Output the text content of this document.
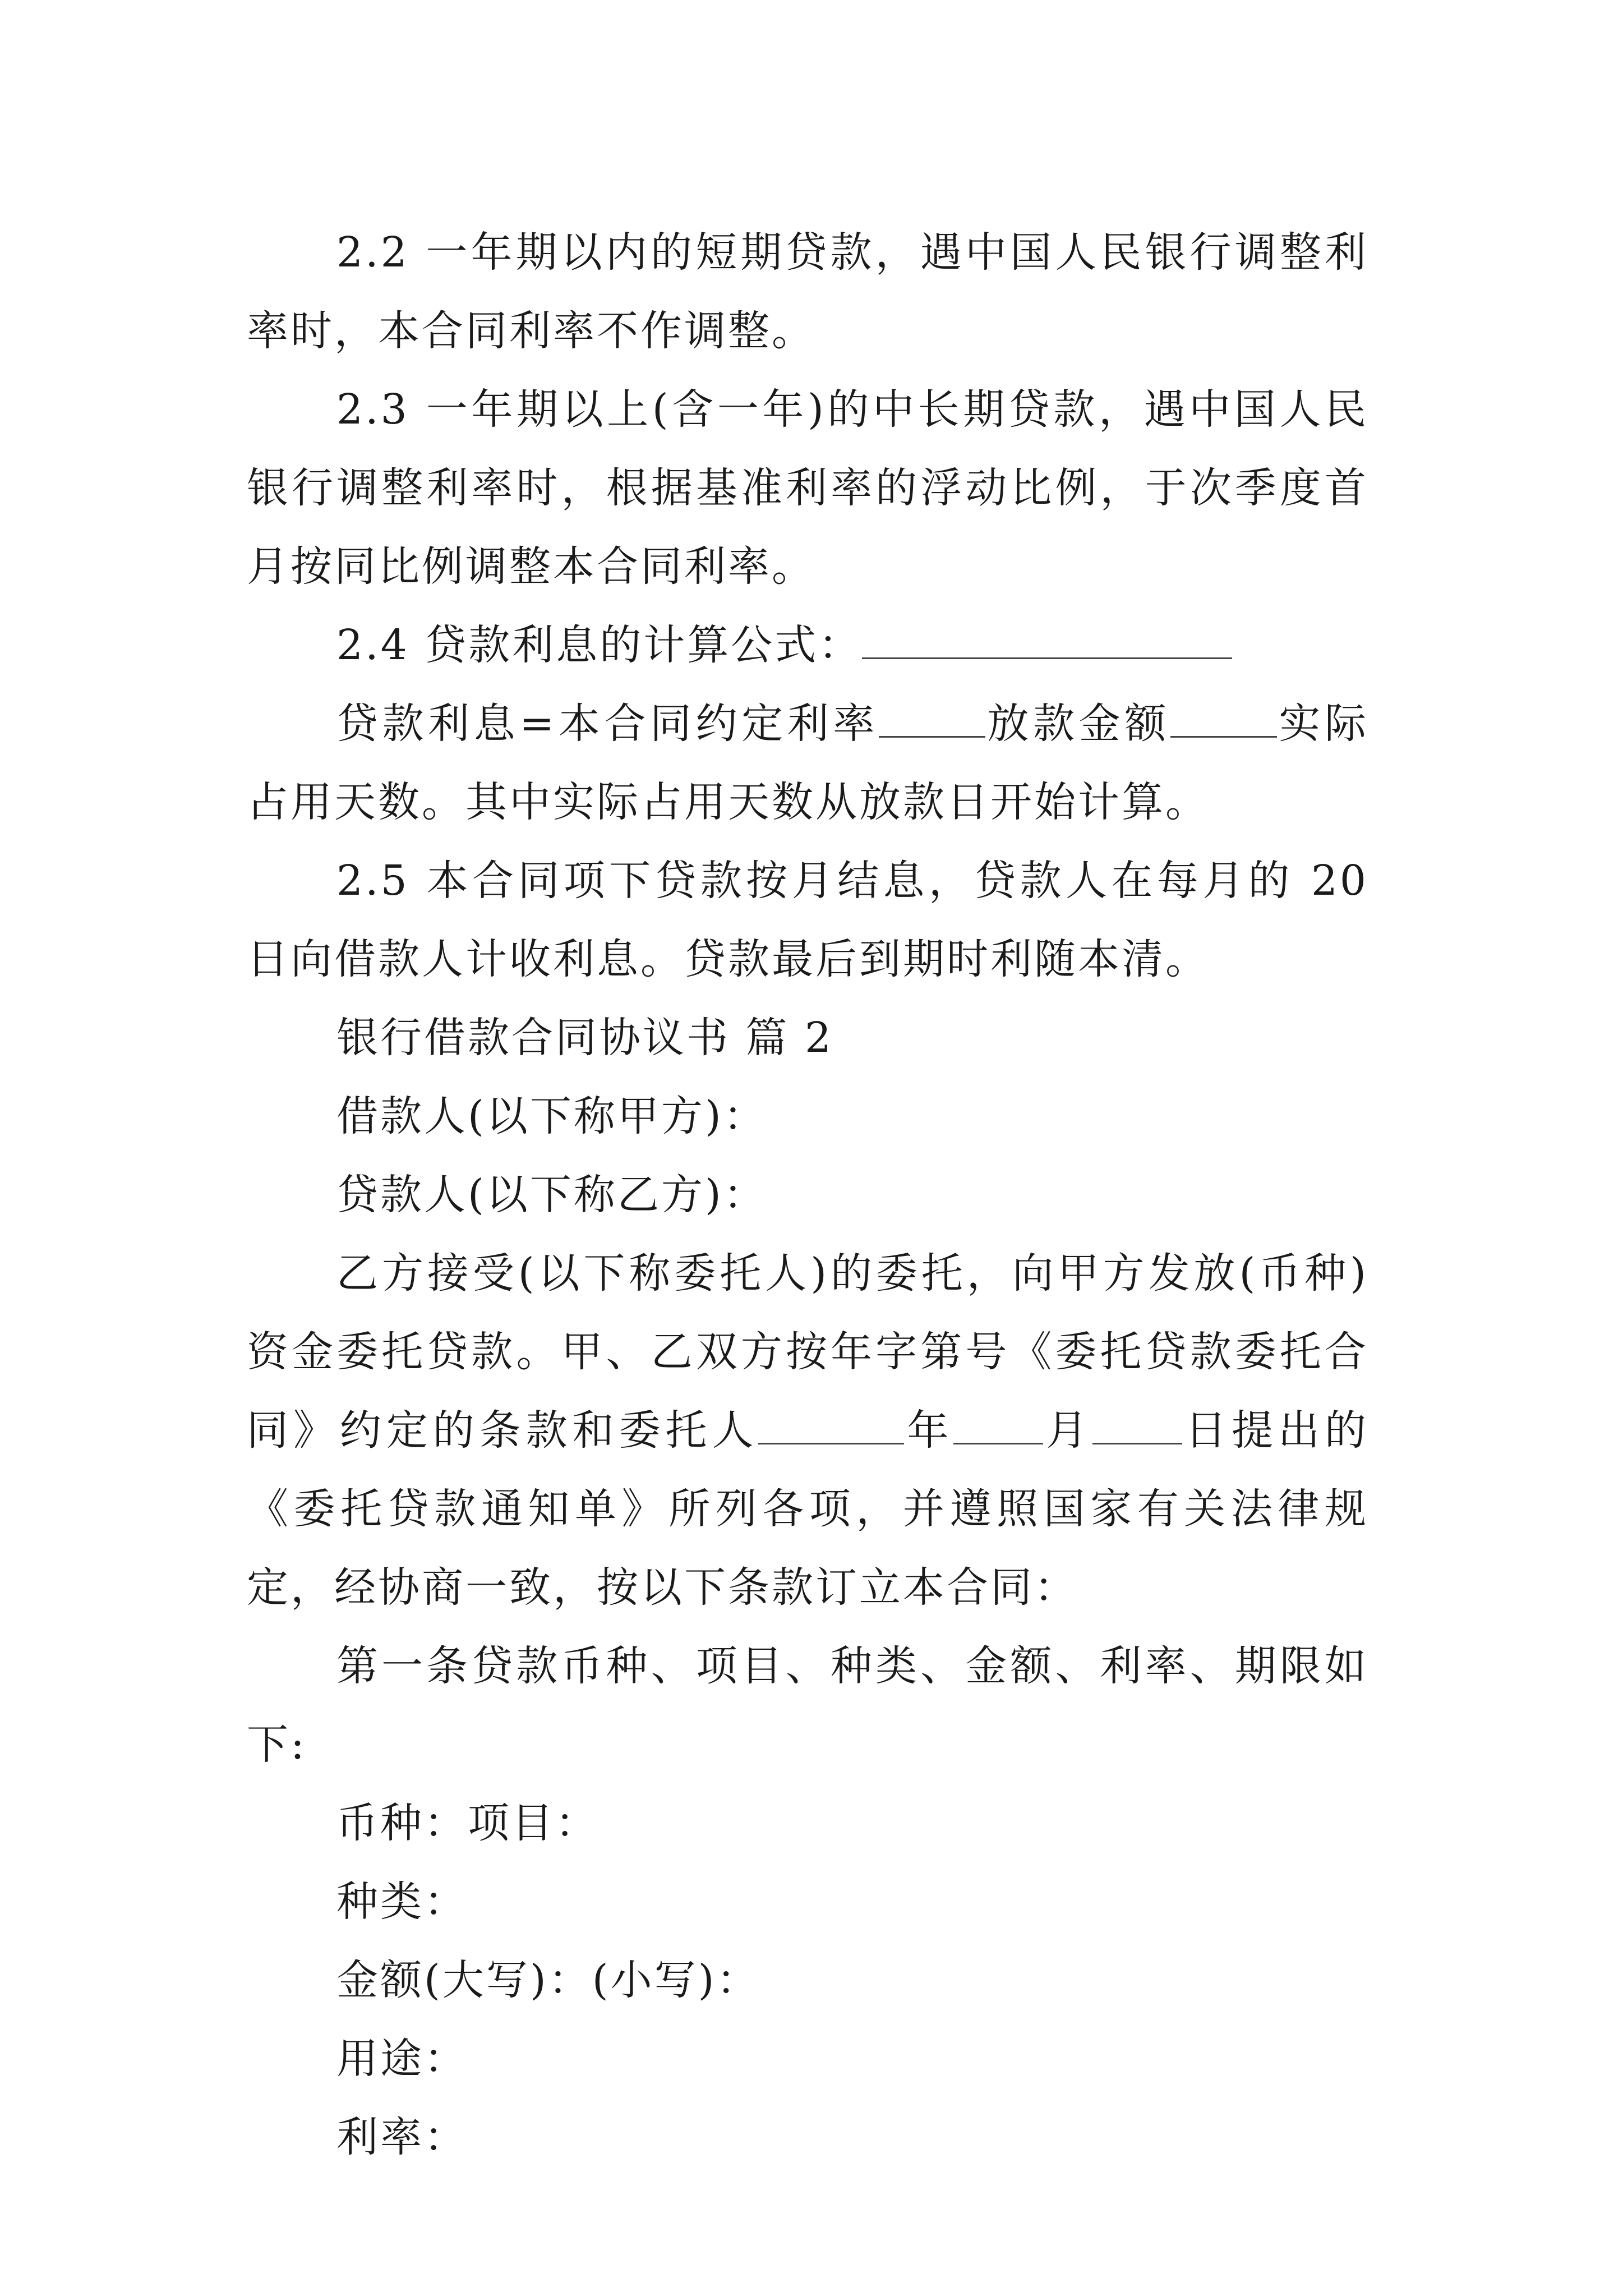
2.2 一年期以内的短期贷款，遇中国人民银行调整利率时，本合同利率不作调整。

2.3 一年期以上(含一年)的中长期贷款，遇中国人民银行调整利率时，根据基准利率的浮动比例，于次季度首月按同比例调整本合同利率。

2.4 贷款利息的计算公式：

贷款利息=本合同约定利率	放款金额	实际占用天数。其中实际占用天数从放款日开始计算。

2.5 本合同项下贷款按月结息，贷款人在每月的 20 日向借款人计收利息。贷款最后到期时利随本清。

银行借款合同协议书 篇 2

借款人(以下称甲方)：

贷款人(以下称乙方)：

乙方接受(以下称委托人)的委托，向甲方发放(币种)资金委托贷款。甲、乙双方按年字第号《委托贷款委托合同》约定的条款和委托人	年 月 日提出的《委托贷款通知单》所列各项，并遵照国家有关法律规定，经协商一致，按以下条款订立本合同：

第一条贷款币种、项目、种类、金额、利率、期限如下:

币种：项目：

种类：

金额(大写)：(小写)：

用途：

利率：
